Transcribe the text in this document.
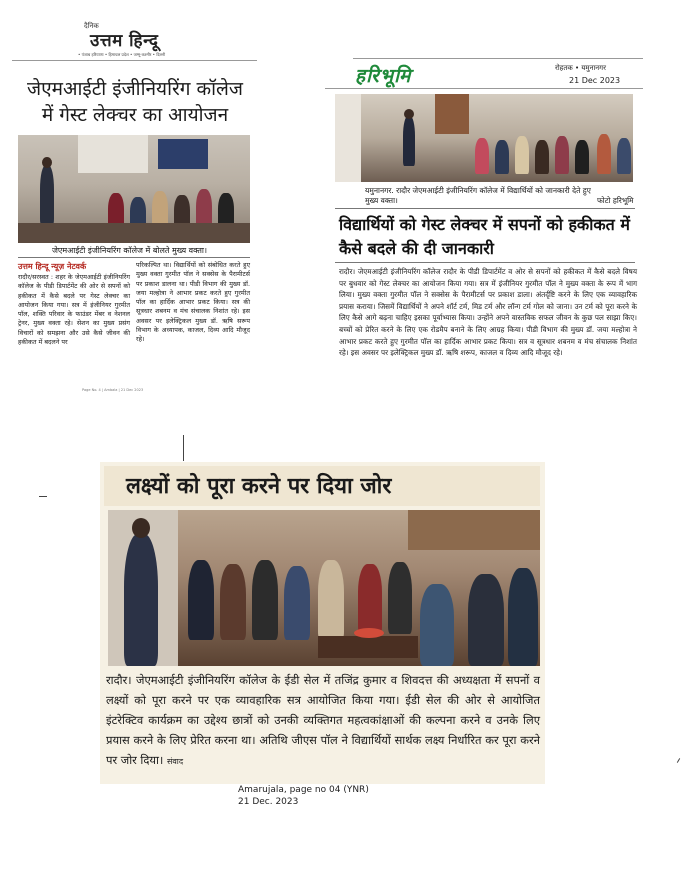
दैनिक
उत्तम हिन्दू
• पंजाब हरियाणा • हिमाचल प्रदेश • जम्मू-कश्मीर • दिल्ली
जेएमआईटी इंजीनियरिंग कॉलेज में गेस्ट लेक्चर का आयोजन
जेएमआईटी इंजीनियरिंग कॉलेज में बोलते मुख्य वक्ता।
उत्तम हिन्दू न्यूज़ नेटवर्क
रादौर/सरस्वत : शहर के जेएमआईटी इंजीनियरिंग कॉलेज के पीडी डिपार्टमेंट की ओर से सपनों को हकीकत में कैसे बदले पर गेस्ट लेक्चर का आयोजन किया गया। सत्र में इंजीनियर गुरमीत पॉल, शक्ति परिवार के फाउंडर मेंबर व नेशनल ट्रेनर, मुख्य वक्ता रहे। सेशन का मुख्य प्रसंग विचारों को समझना और उसे कैसे जीवन की हकीकत में बदलने पर
परिकल्पित था। विद्यार्थियों को संबोधित करते हुए मुख्य वक्ता गुरमीत पॉल ने सक्सेस के पैरामीटर्स पर प्रकाश डालना था। पीडी विभाग की मुख्य डॉ. जया मल्होत्रा ने आभार प्रकट करते हुए गुरमीत पॉल का हार्दिक आभार प्रकट किया। सत्र की सूत्रधार शबनम व मंच संचालक निशांत रहे। इस अवसर पर इलेक्ट्रिकल मुख्य डॉ. ऋषि सरूप विभाग के अध्यापक, काजल, दिव्य आदि मौजूद रहे।
Page No. 4 | Ambala | 21 Dec 2023
हरिभूमि	रोहतक • यमुनानगर
21 Dec 2023
यमुनानगर. रादौर जेएमआईटी इंजीनियरिंग कॉलेज में विद्यार्थियों को जानकारी देते हुए मुख्य वक्ता।	फोटो हरिभूमि
विद्यार्थियों को गेस्ट लेक्चर में सपनों को हकीकत में कैसे बदले की दी जानकारी
रादौर। जेएमआईटी इंजीनियरिंग कॉलेज रादौर के पीडी डिपार्टमेंट व ओर से सपनों को हकीकत में कैसे बदले विषय पर बुधवार को गेस्ट लेक्चर का आयोजन किया गया। सत्र में इंजीनियर गुरमीत पॉल ने मुख्य वक्ता के रूप में भाग लिया। मुख्य वक्ता गुरमीत पॉल ने सक्सेस के पैरामीटर्स पर प्रकाश डाला। अंतर्दृष्टि करने के लिए एक व्यावहारिक प्रयास कराया। जिसमें विद्यार्थियों ने अपने शॉर्ट टर्म, मिड टर्म और लॉन्ग टर्म गोल को जाना। उन टर्म को पूरा करने के लिए कैसे आगे बढ़ना चाहिए इसका पूर्वाभ्यास किया। उन्होंने अपने वास्तविक सफल जीवन के कुछ पल साझा किए। बच्चों को प्रेरित करने के लिए एक रोडमैप बनाने के लिए आग्रह किया। पीडी विभाग की मुख्य डॉ. जया मल्होत्रा ने आभार प्रकट करते हुए गुरमीत पॉल का हार्दिक आभार प्रकट किया। सत्र व सूत्रधार शबनम व मंच संचालक निशांत रहे। इस अवसर पर इलेक्ट्रिकल मुख्य डॉ. ऋषि शरूप, काजल व दिव्य आदि मौजूद रहे।
लक्ष्यों को पूरा करने पर दिया जोर
रादौर। जेएमआईटी इंजीनियरिंग कॉलेज के ईडी सेल में तजिंद्र कुमार व शिवदत्त की अध्यक्षता में सपनों व लक्ष्यों को पूरा करने पर एक व्यावहारिक सत्र आयोजित किया गया। ईडी सेल की ओर से आयोजित इंटरेक्टिव कार्यक्रम का उद्देश्य छात्रों को उनकी व्यक्तिगत महत्वकांक्षाओं की कल्पना करने व उनके लिए प्रयास करने के लिए प्रेरित करना था। अतिथि जीएस पॉल ने विद्यार्थियों सार्थक लक्ष्य निर्धारित कर पूरा करने पर जोर दिया। संवाद
Amarujala, page no 04 (YNR)
21 Dec. 2023
